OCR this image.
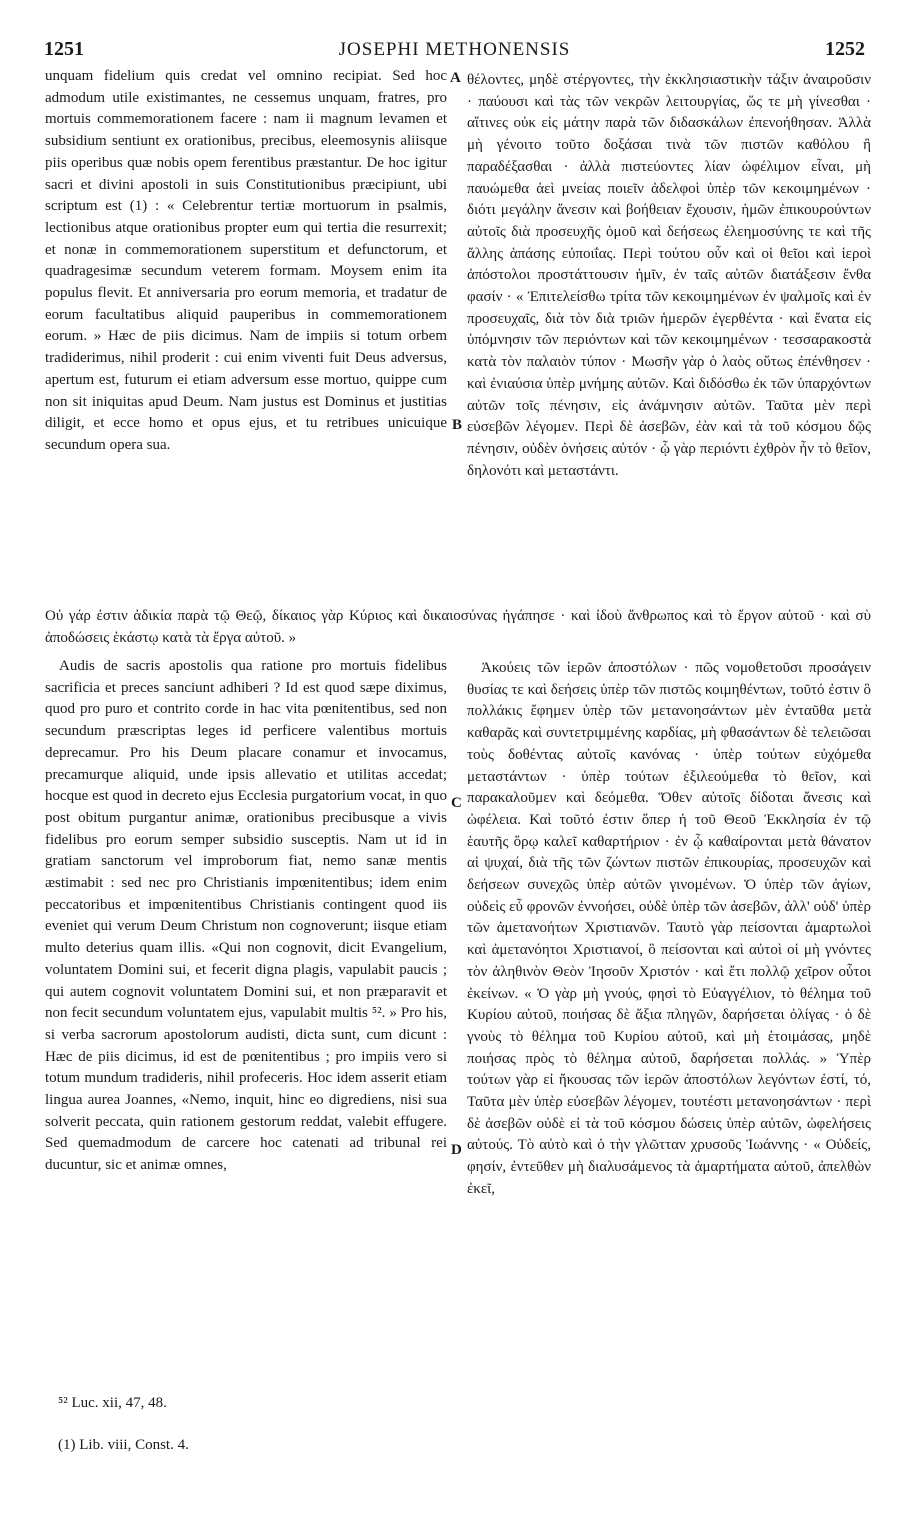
1251	JOSEPHI METHONENSIS	1252
A
B
C
D
unquam fidelium quis credat vel omnino recipiat. Sed hoc admodum utile existimantes, ne cessemus unquam, fratres, pro mortuis commemorationem facere : nam ii magnum levamen et subsidium sentiunt ex orationibus, precibus, eleemosynis aliisque piis operibus quæ nobis opem ferentibus præstantur. De hoc igitur sacri et divini apostoli in suis Constitutionibus præcipiunt, ubi scriptum est (1) : « Celebrentur tertiæ mortuorum in psalmis, lectionibus atque orationibus propter eum qui tertia die resurrexit; et nonæ in commemorationem superstitum et defunctorum, et quadragesimæ secundum veterem formam. Moysem enim ita populus flevit. Et anniversaria pro eorum memoria, et tradatur de eorum facultatibus aliquid pauperibus in commemorationem eorum. » Hæc de piis dicimus. Nam de impiis si totum orbem tradiderimus, nihil proderit : cui enim viventi fuit Deus adversus, apertum est, futurum ei etiam adversum esse mortuo, quippe cum non sit iniquitas apud Deum. Nam justus est Dominus et justitias diligit, et ecce homo et opus ejus, et tu retribues unicuique secundum opera sua.
θέλοντες, μηδὲ στέργοντες, τὴν ἐκκλησιαστικὴν τάξιν ἀναιροῦσιν · παύουσι καὶ τὰς τῶν νεκρῶν λειτουργίας, ὥς τε μὴ γίνεσθαι · αἵτινες οὐκ εἰς μάτην παρὰ τῶν διδασκάλων ἐπενοήθησαν. Ἀλλὰ μὴ γένοιτο τοῦτο δοξάσαι τινὰ τῶν πιστῶν καθόλου ἢ παραδέξασθαι · ἀλλὰ πιστεύοντες λίαν ὠφέλιμον εἶναι, μὴ παυώμεθα ἀεὶ μνείας ποιεῖν ἀδελφοὶ ὑπὲρ τῶν κεκοιμημένων · διότι μεγάλην ἄνεσιν καὶ βοήθειαν ἔχουσιν, ἡμῶν ἐπικουρούντων αὐτοῖς διὰ προσευχῆς ὁμοῦ καὶ δεήσεως ἐλεημοσύνης τε καὶ τῆς ἄλλης ἁπάσης εὐποιΐας. Περὶ τούτου οὖν καὶ οἱ θεῖοι καὶ ἱεροὶ ἀπόστολοι προστάττουσιν ἡμῖν, ἐν ταῖς αὐτῶν διατάξεσιν ἔνθα φασίν · « Ἐπιτελείσθω τρίτα τῶν κεκοιμημένων ἐν ψαλμοῖς καὶ ἐν προσευχαῖς, διὰ τὸν διὰ τριῶν ἡμερῶν ἐγερθέντα · καὶ ἔνατα εἰς ὑπόμνησιν τῶν περιόντων καὶ τῶν κεκοιμημένων · τεσσαρακοστὰ κατὰ τὸν παλαιὸν τύπον · Μωσῆν γὰρ ὁ λαὸς οὕτως ἐπένθησεν · καὶ ἐνιαύσια ὑπὲρ μνήμης αὐτῶν. Καὶ διδόσθω ἐκ τῶν ὑπαρχόντων αὐτῶν τοῖς πένησιν, εἰς ἀνάμνησιν αὐτῶν. Ταῦτα μὲν περὶ εὐσεβῶν λέγομεν. Περὶ δὲ ἀσεβῶν, ἐὰν καὶ τὰ τοῦ κόσμου δῷς πένησιν, οὐδὲν ὀνήσεις αὐτόν · ᾧ γὰρ περιόντι ἐχθρὸν ἦν τὸ θεῖον, δηλονότι καὶ μεταστάντι.
Οὐ γάρ ἐστιν ἀδικία παρὰ τῷ Θεῷ, δίκαιος γὰρ Κύριος καὶ δικαιοσύνας ἠγάπησε · καὶ ἰδοὺ ἄνθρωπος καὶ τὸ ἔργον αὐτοῦ · καὶ σὺ ἀποδώσεις ἑκάστῳ κατὰ τὰ ἔργα αὐτοῦ. »

Audis de sacris apostolis qua ratione pro mortuis fidelibus sacrificia et preces sanciunt adhiberi ? Id est quod sæpe diximus, quod pro puro et contrito corde in hac vita pœnitentibus, sed non secundum præscriptas leges id perficere valentibus mortuis deprecamur. Pro his Deum placare conamur et invocamus, precamurque aliquid, unde ipsis allevatio et utilitas accedat; hocque est quod in decreto ejus Ecclesia purgatorium vocat, in quo post obitum purgantur animæ, orationibus precibusque a vivis fidelibus pro eorum semper subsidio susceptis. Nam ut id in gratiam sanctorum vel improborum fiat, nemo sanæ mentis æstimabit : sed nec pro Christianis impœnitentibus; idem enim peccatoribus et impœnitentibus Christianis contingent quod iis eveniet qui verum Deum Christum non cognoverunt; iisque etiam multo deterius quam illis. «Qui non cognovit, dicit Evangelium, voluntatem Domini sui, et fecerit digna plagis, vapulabit paucis ; qui autem cognovit voluntatem Domini sui, et non præparavit et non fecit secundum voluntatem ejus, vapulabit multis ⁵². » Pro his, si verba sacrorum apostolorum audisti, dicta sunt, cum dicunt : Hæc de piis dicimus, id est de pœnitentibus ; pro impiis vero si totum mundum tradideris, nihil profeceris. Hoc idem asserit etiam lingua aurea Joannes, «Nemo, inquit, hinc eo digrediens, nisi sua solverit peccata, quin rationem gestorum reddat, valebit effugere. Sed quemadmodum de carcere hoc catenati ad tribunal rei ducuntur, sic et animæ omnes,

Ἀκούεις τῶν ἱερῶν ἀποστόλων · πῶς νομοθετοῦσι προσάγειν θυσίας τε καὶ δεήσεις ὑπὲρ τῶν πιστῶς κοιμηθέντων, τοῦτό ἐστιν ὃ πολλάκις ἔφημεν ὑπὲρ τῶν μετανοησάντων μὲν ἐνταῦθα μετὰ καθαρᾶς καὶ συντετριμμένης καρδίας, μὴ φθασάντων δὲ τελειῶσαι τοὺς δοθέντας αὐτοῖς κανόνας · ὑπὲρ τούτων εὐχόμεθα μεταστάντων · ὑπὲρ τούτων ἐξιλεούμεθα τὸ θεῖον, καὶ παρακαλοῦμεν καὶ δεόμεθα. Ὅθεν αὐτοῖς δίδοται ἄνεσις καὶ ὠφέλεια. Καὶ τοῦτό ἐστιν ὅπερ ἡ τοῦ Θεοῦ Ἐκκλησία ἐν τῷ ἑαυτῆς ὅρῳ καλεῖ καθαρτήριον · ἐν ᾧ καθαίρονται μετὰ θάνατον αἱ ψυχαί, διὰ τῆς τῶν ζώντων πιστῶν ἐπικουρίας, προσευχῶν καὶ δεήσεων συνεχῶς ὑπὲρ αὐτῶν γινομένων. Ὁ ὑπὲρ τῶν ἁγίων, οὐδεὶς εὖ φρονῶν ἐννοήσει, οὐδὲ ὑπὲρ τῶν ἀσεβῶν, ἀλλ' οὐδ' ὑπὲρ τῶν ἀμετανοήτων Χριστιανῶν. Ταυτὸ γὰρ πείσονται ἁμαρτωλοὶ καὶ ἀμετανόητοι Χριστιανοί, ὃ πείσονται καὶ αὐτοὶ οἱ μὴ γνόντες τὸν ἀληθινὸν Θεὸν Ἰησοῦν Χριστόν · καὶ ἔτι πολλῷ χεῖρον οὗτοι ἐκείνων. « Ὁ γὰρ μὴ γνούς, φησὶ τὸ Εὐαγγέλιον, τὸ θέλημα τοῦ Κυρίου αὐτοῦ, ποιήσας δὲ ἄξια πληγῶν, δαρήσεται ὀλίγας · ὁ δὲ γνοὺς τὸ θέλημα τοῦ Κυρίου αὐτοῦ, καὶ μὴ ἑτοιμάσας, μηδὲ ποιήσας πρὸς τὸ θέλημα αὐτοῦ, δαρήσεται πολλάς. » Ὑπὲρ τούτων γὰρ εἰ ἤκουσας τῶν ἱερῶν ἀποστόλων λεγόντων ἐστί, τό, Ταῦτα μὲν ὑπὲρ εὐσεβῶν λέγομεν, τουτέστι μετανοησάντων · περὶ δὲ ἀσεβῶν οὐδὲ εἰ τὰ τοῦ κόσμου δώσεις ὑπὲρ αὐτῶν, ὠφελήσεις αὐτούς. Τὸ αὐτὸ καὶ ὁ τὴν γλῶτταν χρυσοῦς Ἰωάννης · « Οὐδείς, φησίν, ἐντεῦθεν μὴ διαλυσάμενος τὰ ἁμαρτήματα αὐτοῦ, ἀπελθὼν ἐκεῖ,

⁵² Luc. xii, 47, 48.
(1) Lib. viii, Const. 4.
